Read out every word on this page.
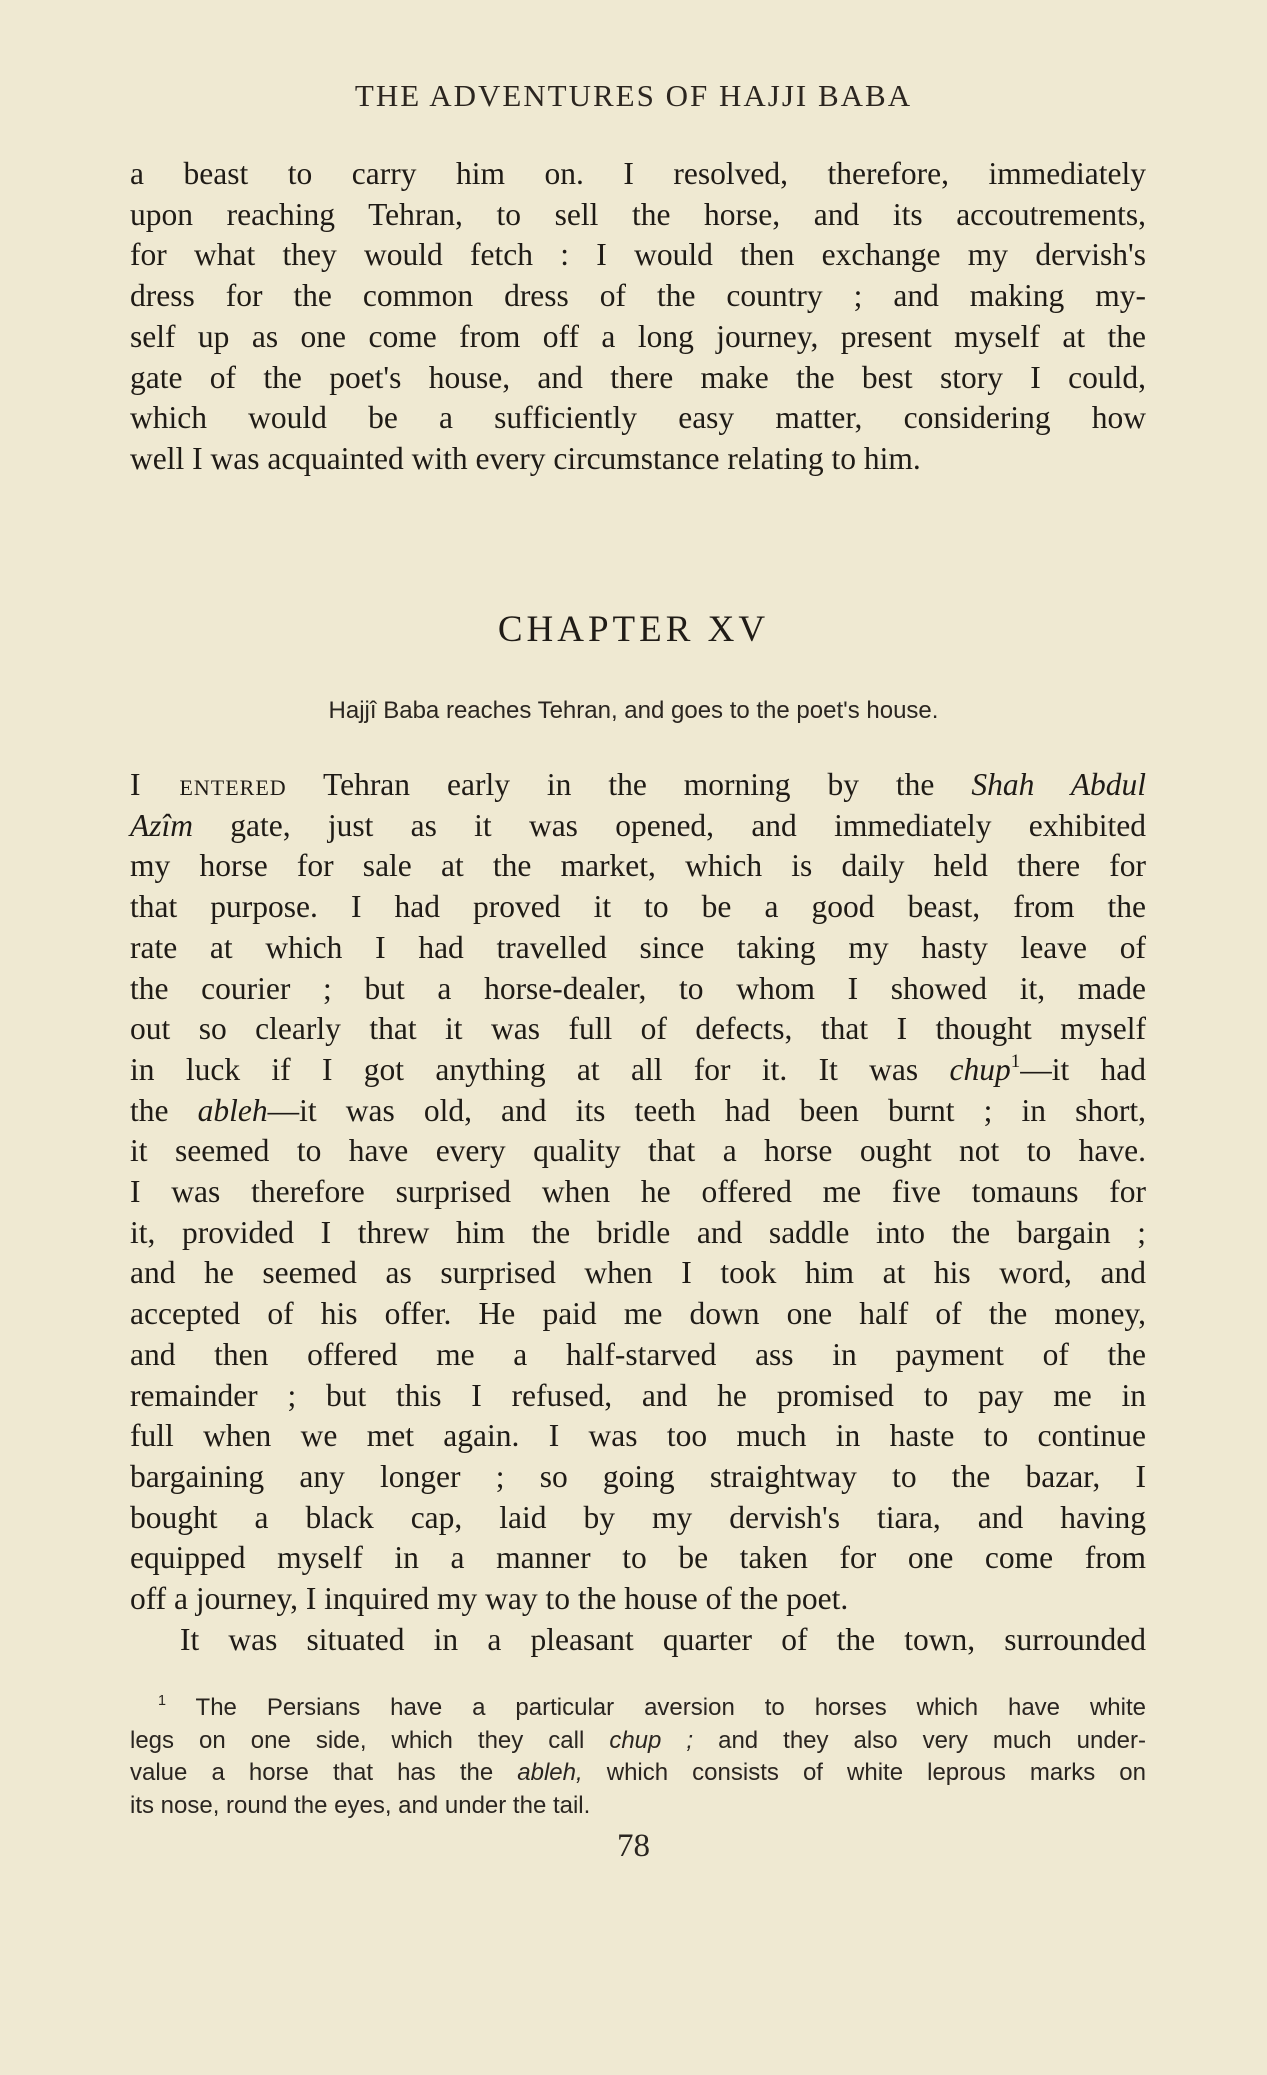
THE ADVENTURES OF HAJJI BABA
a beast to carry him on. I resolved, therefore, immediately
upon reaching Tehran, to sell the horse, and its accoutrements,
for what they would fetch : I would then exchange my dervish's
dress for the common dress of the country ; and making my-
self up as one come from off a long journey, present myself at the
gate of the poet's house, and there make the best story I could,
which would be a sufficiently easy matter, considering how
well I was acquainted with every circumstance relating to him.
CHAPTER XV
Hajjî Baba reaches Tehran, and goes to the poet's house.
I entered Tehran early in the morning by the Shah Abdul
Azîm gate, just as it was opened, and immediately exhibited
my horse for sale at the market, which is daily held there for
that purpose. I had proved it to be a good beast, from the
rate at which I had travelled since taking my hasty leave of
the courier ; but a horse-dealer, to whom I showed it, made
out so clearly that it was full of defects, that I thought myself
in luck if I got anything at all for it. It was chup$^1$—it had
the ableh—it was old, and its teeth had been burnt ; in short,
it seemed to have every quality that a horse ought not to have.
I was therefore surprised when he offered me five tomauns for
it, provided I threw him the bridle and saddle into the bargain ;
and he seemed as surprised when I took him at his word, and
accepted of his offer. He paid me down one half of the money,
and then offered me a half-starved ass in payment of the
remainder ; but this I refused, and he promised to pay me in
full when we met again. I was too much in haste to continue
bargaining any longer ; so going straightway to the bazar, I
bought a black cap, laid by my dervish's tiara, and having
equipped myself in a manner to be taken for one come from
off a journey, I inquired my way to the house of the poet.
It was situated in a pleasant quarter of the town, surrounded
$^1$ The Persians have a particular aversion to horses which have white
legs on one side, which they call chup ; and they also very much under-
value a horse that has the ableh, which consists of white leprous marks on
its nose, round the eyes, and under the tail.
78
